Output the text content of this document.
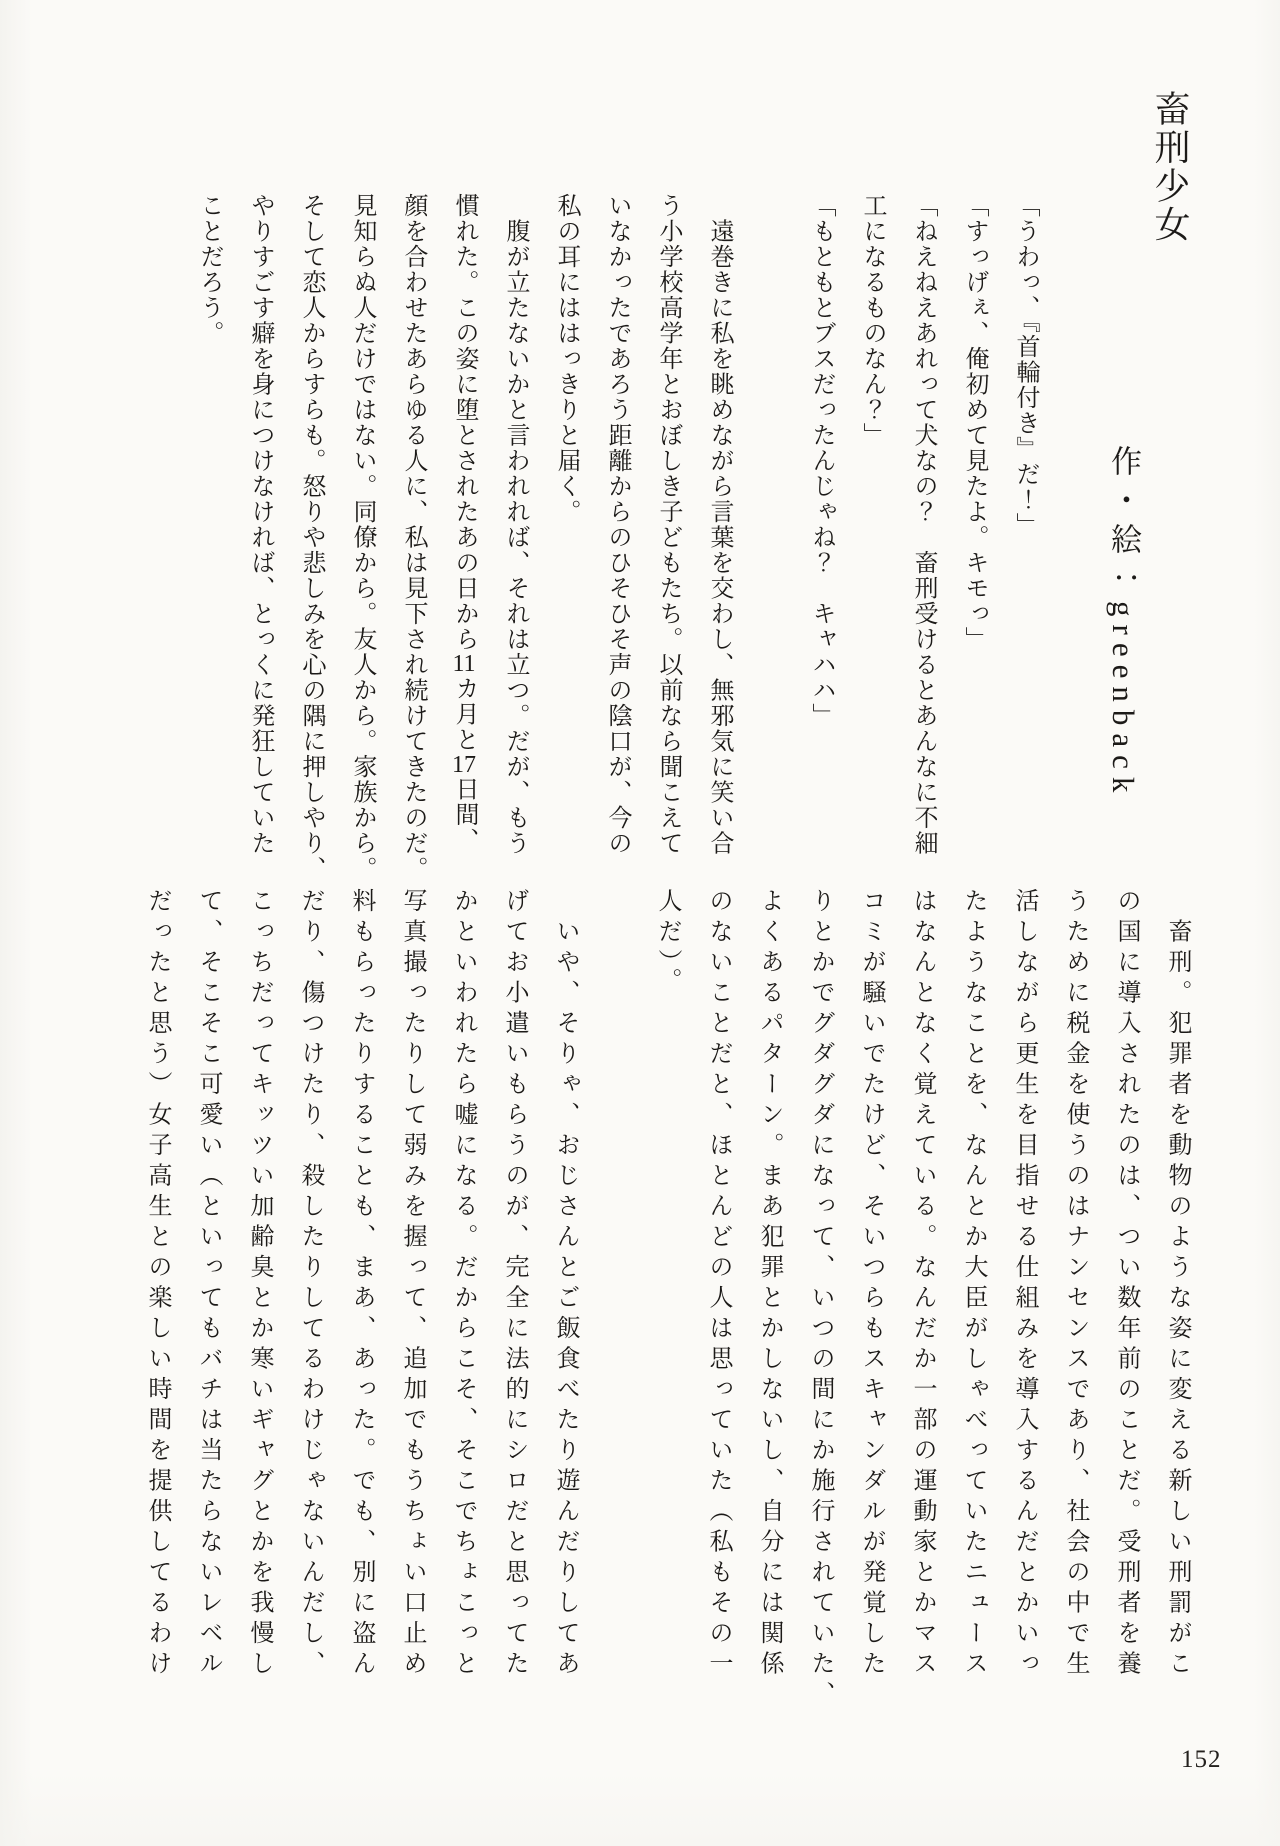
畜刑少女
作・絵：greenback
「うわっ、『首輪付き』だ！」
「すっげぇ、俺初めて見たよ。キモっ」
「ねえねえあれって犬なの？　畜刑受けるとあんなに不細
工になるものなん？」
「もともとブスだったんじゃね？　キャハハ」

　遠巻きに私を眺めながら言葉を交わし、無邪気に笑い合
う小学校高学年とおぼしき子どもたち。以前なら聞こえて
いなかったであろう距離からのひそひそ声の陰口が、今の
私の耳にははっきりと届く。
　腹が立たないかと言われれば、それは立つ。だが、もう
慣れた。この姿に堕とされたあの日から11カ月と17日間、
顔を合わせたあらゆる人に、私は見下され続けてきたのだ。
見知らぬ人だけではない。同僚から。友人から。家族から。
そして恋人からすらも。怒りや悲しみを心の隅に押しやり、
やりすごす癖を身につけなければ、とっくに発狂していた
ことだろう。
　畜刑。犯罪者を動物のような姿に変える新しい刑罰がこ
の国に導入されたのは、つい数年前のことだ。受刑者を養
うために税金を使うのはナンセンスであり、社会の中で生
活しながら更生を目指せる仕組みを導入するんだとかいっ
たようなことを、なんとか大臣がしゃべっていたニュース
はなんとなく覚えている。なんだか一部の運動家とかマス
コミが騒いでたけど、そいつらもスキャンダルが発覚した
りとかでグダグダになって、いつの間にか施行されていた、
よくあるパターン。まあ犯罪とかしないし、自分には関係
のないことだと、ほとんどの人は思っていた（私もその一
人だ）。

　いや、そりゃ、おじさんとご飯食べたり遊んだりしてあ
げてお小遣いもらうのが、完全に法的にシロだと思ってた
かといわれたら嘘になる。だからこそ、そこでちょこっと
写真撮ったりして弱みを握って、追加でもうちょい口止め
料もらったりすることも、まあ、あった。でも、別に盗ん
だり、傷つけたり、殺したりしてるわけじゃないんだし、
こっちだってキッツい加齢臭とか寒いギャグとかを我慢し
て、そこそこ可愛い（といってもバチは当たらないレベル
だったと思う）女子高生との楽しい時間を提供してるわけ
152
